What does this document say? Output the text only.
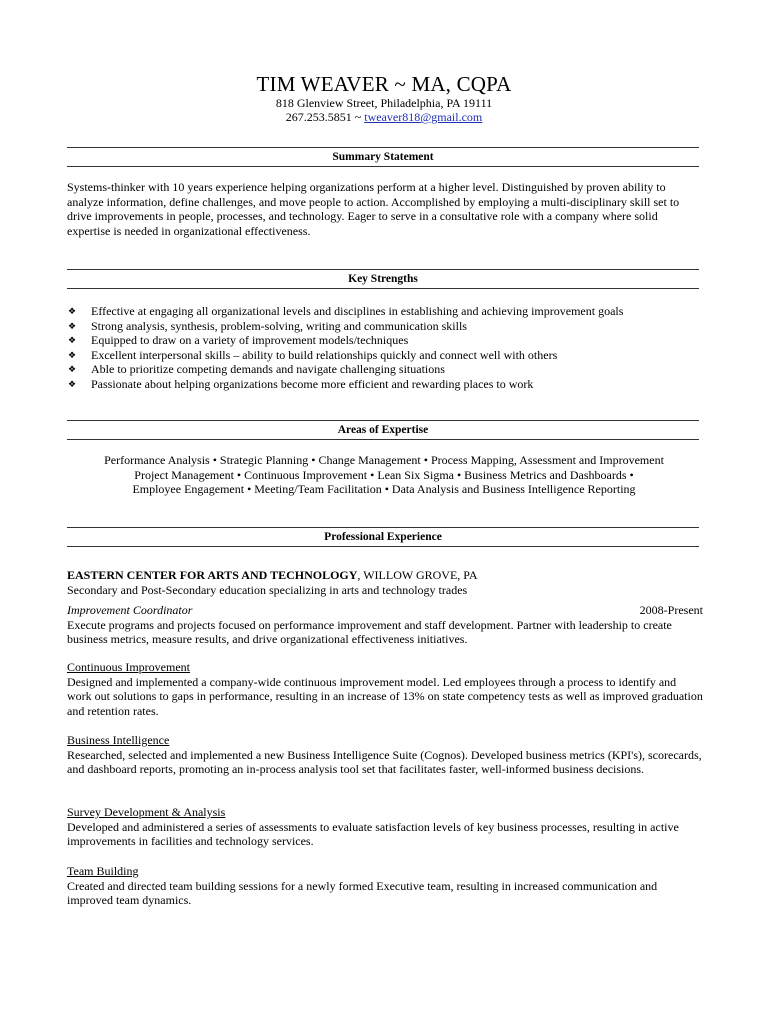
TIM WEAVER ~ MA, CQPA
818 Glenview Street, Philadelphia, PA 19111
267.253.5851 ~ tweaver818@gmail.com
Summary Statement
Systems-thinker with 10 years experience helping organizations perform at a higher level. Distinguished by proven ability to analyze information, define challenges, and move people to action. Accomplished by employing a multi-disciplinary skill set to drive improvements in people, processes, and technology. Eager to serve in a consultative role with a company where solid expertise is needed in organizational effectiveness.
Key Strengths
❖ Effective at engaging all organizational levels and disciplines in establishing and achieving improvement goals
❖ Strong analysis, synthesis, problem-solving, writing and communication skills
❖ Equipped to draw on a variety of improvement models/techniques
❖ Excellent interpersonal skills – ability to build relationships quickly and connect well with others
❖ Able to prioritize competing demands and navigate challenging situations
❖ Passionate about helping organizations become more efficient and rewarding places to work
Areas of Expertise
Performance Analysis • Strategic Planning • Change Management • Process Mapping, Assessment and Improvement
Project Management • Continuous Improvement • Lean Six Sigma • Business Metrics and Dashboards •
Employee Engagement • Meeting/Team Facilitation • Data Analysis and Business Intelligence Reporting
Professional Experience
EASTERN CENTER FOR ARTS AND TECHNOLOGY, WILLOW GROVE, PA
Secondary and Post-Secondary education specializing in arts and technology trades
Improvement Coordinator	2008-Present
Execute programs and projects focused on performance improvement and staff development. Partner with leadership to create business metrics, measure results, and drive organizational effectiveness initiatives.
Continuous Improvement
Designed and implemented a company-wide continuous improvement model. Led employees through a process to identify and work out solutions to gaps in performance, resulting in an increase of 13% on state competency tests as well as improved graduation and retention rates.
Business Intelligence
Researched, selected and implemented a new Business Intelligence Suite (Cognos). Developed business metrics (KPI's), scorecards, and dashboard reports, promoting an in-process analysis tool set that facilitates faster, well-informed business decisions.
Survey Development & Analysis
Developed and administered a series of assessments to evaluate satisfaction levels of key business processes, resulting in active improvements in facilities and technology services.
Team Building
Created and directed team building sessions for a newly formed Executive team, resulting in increased communication and improved team dynamics.
